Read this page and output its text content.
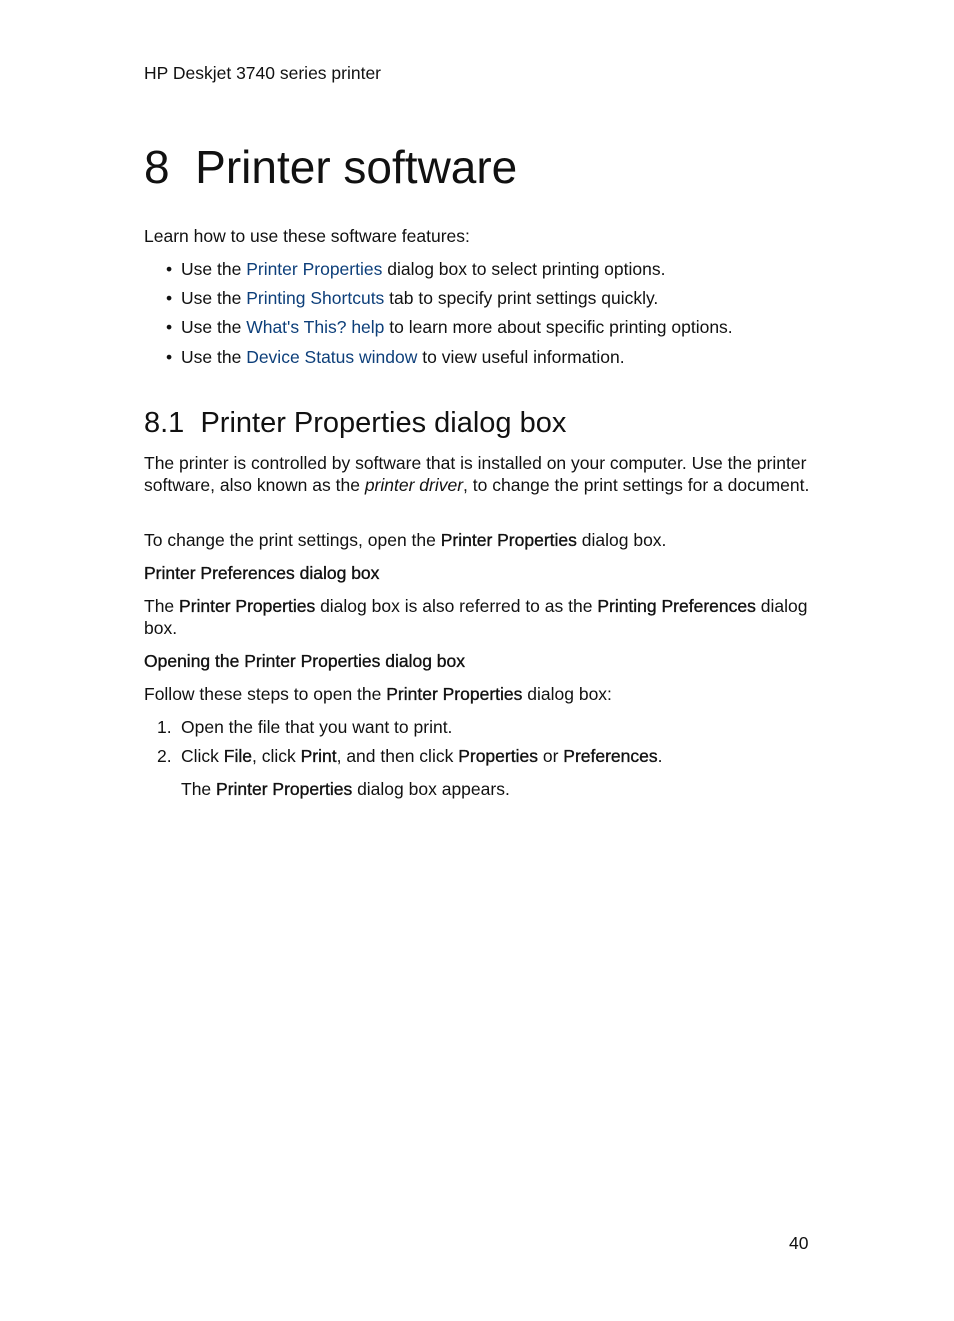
HP Deskjet 3740 series printer
8 Printer software
Learn how to use these software features:
• Use the Printer Properties dialog box to select printing options.
• Use the Printing Shortcuts tab to specify print settings quickly.
• Use the What's This? help to learn more about specific printing options.
• Use the Device Status window to view useful information.
8.1 Printer Properties dialog box
The printer is controlled by software that is installed on your computer. Use the printer software, also known as the printer driver, to change the print settings for a document.
To change the print settings, open the Printer Properties dialog box.
Printer Preferences dialog box
The Printer Properties dialog box is also referred to as the Printing Preferences dialog box.
Opening the Printer Properties dialog box
Follow these steps to open the Printer Properties dialog box:
1. Open the file that you want to print.
2. Click File, click Print, and then click Properties or Preferences.
The Printer Properties dialog box appears.
40
